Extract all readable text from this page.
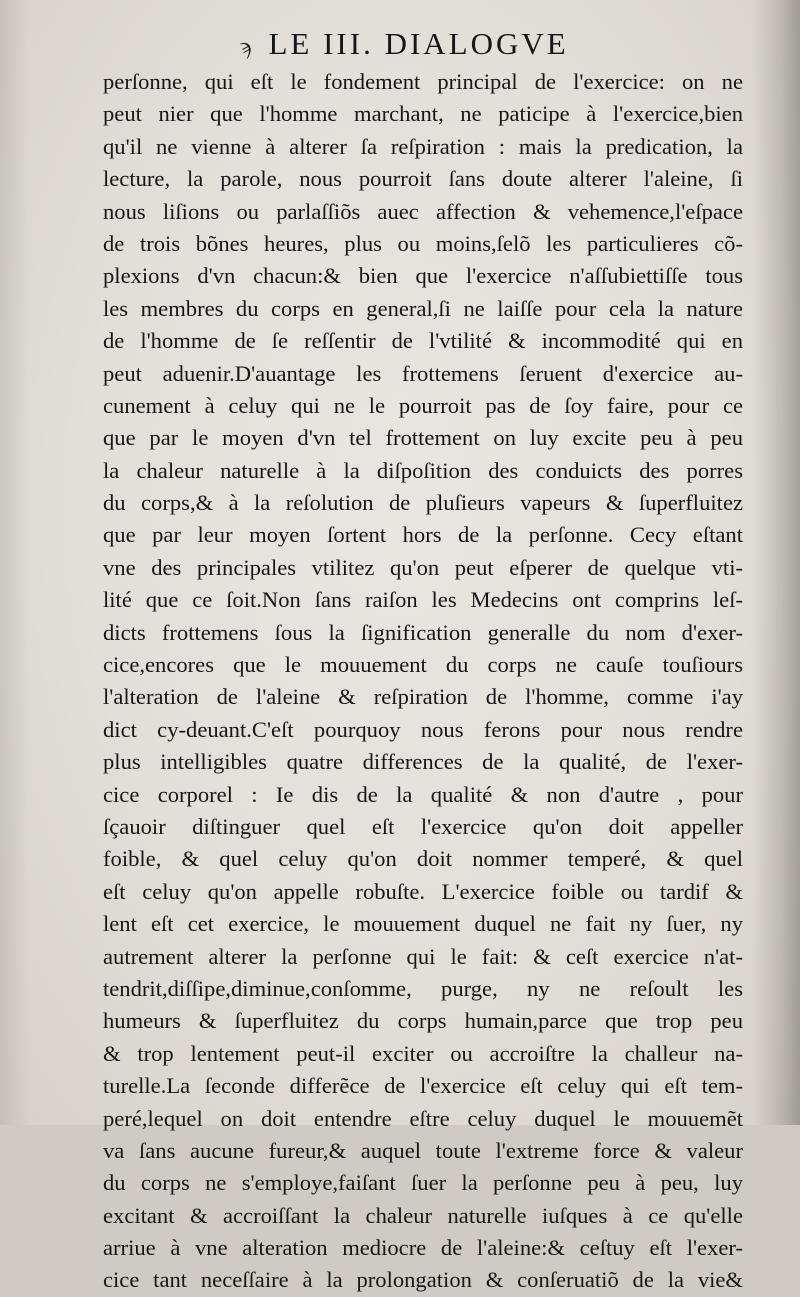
ϡ LE III. DIALOGVE
perſonne, qui eſt le fondement principal de l'exercice: on ne
peut nier que l'homme marchant, ne paticipe à l'exercice,bien
qu'il ne vienne à alterer ſa reſpiration : mais la predication, la
lecture, la parole, nous pourroit ſans doute alterer l'aleine, ſi
nous liſions ou parlaſſiõs auec affection & vehemence,l'eſpace
de trois bõnes heures, plus ou moins,ſelõ les particulieres cõ-
plexions d'vn chacun:& bien que l'exercice n'aſſubiettiſſe tous
les membres du corps en general,ſi ne laiſſe pour cela la nature
de l'homme de ſe reſſentir de l'vtilité & incommodité qui en
peut aduenir.D'auantage les frottemens ſeruent d'exercice au-
cunement à celuy qui ne le pourroit pas de ſoy faire, pour ce
que par le moyen d'vn tel frottement on luy excite peu à peu
la chaleur naturelle à la diſpoſition des conduicts des porres
du corps,& à la reſolution de pluſieurs vapeurs & ſuperfluitez
que par leur moyen ſortent hors de la perſonne. Cecy eſtant
vne des principales vtilitez qu'on peut eſperer de quelque vti-
lité que ce ſoit.Non ſans raiſon les Medecins ont comprins leſ-
dicts frottemens ſous la ſignification generalle du nom d'exer-
cice,encores que le mouuement du corps ne cauſe touſiours
l'alteration de l'aleine & reſpiration de l'homme, comme i'ay
dict cy-deuant.C'eſt pourquoy nous ferons pour nous rendre
plus intelligibles quatre differences de la qualité, de l'exer-
cice corporel : Ie dis de la qualité & non d'autre , pour
ſçauoir diſtinguer quel eſt l'exercice qu'on doit appeller
foible, & quel celuy qu'on doit nommer temperé, & quel
eſt celuy qu'on appelle robuſte. L'exercice foible ou tardif &
lent eſt cet exercice, le mouuement duquel ne fait ny ſuer, ny
autrement alterer la perſonne qui le fait: & ceſt exercice n'at-
tendrit,diſſipe,diminue,conſomme, purge, ny ne reſoult les
humeurs & ſuperfluitez du corps humain,parce que trop peu
& trop lentement peut-il exciter ou accroiſtre la challeur na-
turelle.La ſeconde differẽce de l'exercice eſt celuy qui eſt tem-
peré,lequel on doit entendre eſtre celuy duquel le mouuemẽt
va ſans aucune fureur,& auquel toute l'extreme force & valeur
du corps ne s'employe,faiſant ſuer la perſonne peu à peu, luy
excitant & accroiſſant la chaleur naturelle iuſques à ce qu'elle
arriue à vne alteration mediocre de l'aleine:& ceſtuy eſt l'exer-
cice tant neceſſaire à la prolongation & conſeruatiõ de la vie&
